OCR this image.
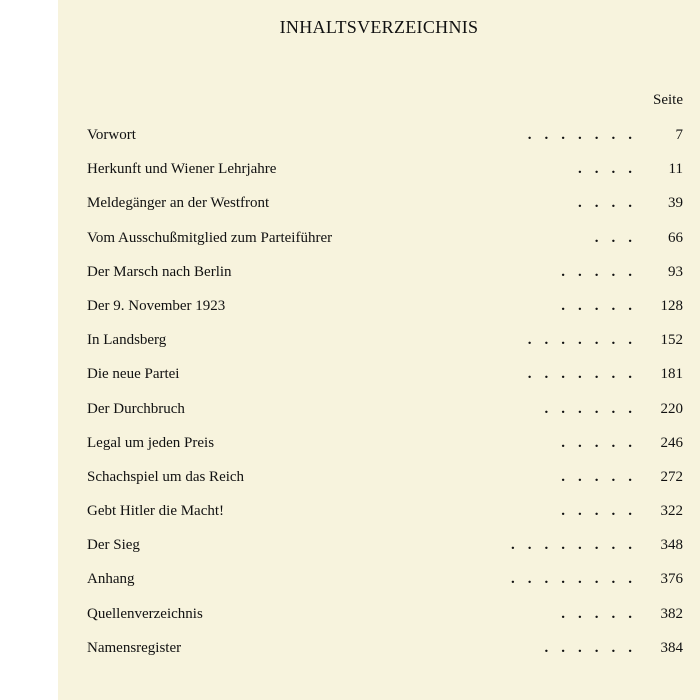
INHALTSVERZEICHNIS
Seite
Vorwort	....... 7
Herkunft und Wiener Lehrjahre	.... 11
Meldegänger an der Westfront	.... 39
Vom Ausschußmitglied zum Parteiführer	... 66
Der Marsch nach Berlin	..... 93
Der 9. November 1923	..... 128
In Landsberg	....... 152
Die neue Partei	....... 181
Der Durchbruch	...... 220
Legal um jeden Preis	..... 246
Schachspiel um das Reich	..... 272
Gebt Hitler die Macht!	..... 322
Der Sieg	........ 348
Anhang	........ 376
Quellenverzeichnis	..... 382
Namensregister	...... 384
